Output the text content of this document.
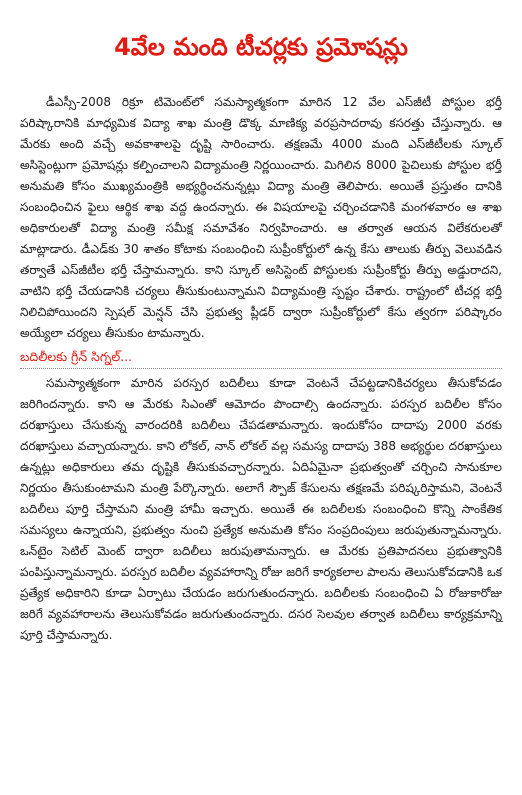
4వేల మంది టీచర్లకు ప్రమోషన్లు

డీఎస్సీ-2008 రిక్రూ టిమెంట్‌లో సమస్యాత్మకంగా మారిన 12 వేల ఎస్‌జీటీ పోస్టుల భర్తీ పరిష్కారానికి మాధ్యమిక విద్యా శాఖ మంత్రి డొక్క మాణిక్య వరప్రసాదరావు కసరత్తు చేస్తున్నారు. ఆ మేరకు అంది వచ్చే అవకాశాలపై దృష్టి సారించారు. తక్షణమే 4000 మంది ఎస్‌జీటీలకు స్కూల్ అసిస్టెంట్లుగా ప్రమోషన్లు కల్పించాలని విద్యామంత్రి నిర్ణయించారు. మిగిలిన 8000 పైచిలుకు పోస్టుల భర్తీ అనుమతి కోసం ముఖ్యమంత్రికి అభ్యర్థించనున్నట్లు విద్యా మంత్రి తెలిపారు. అయితే ప్రస్తుతం దానికి సంబంధించిన ఫైలు ఆర్థిక శాఖ వద్ద ఉందన్నారు. ఈ విషయాలపై చర్చించడానికి మంగళవారం ఆ శాఖ అధికారులతో విద్యా మంత్రి సమీక్ష సమావేశం నిర్వహించారు. ఆ తర్వాత ఆయన విలేకరులతో మాట్లాడారు. డీఎడ్‌కు 30 శాతం కోటాకు సంబంధించి సుప్రీంకోర్టులో ఉన్న కేసు తాలుకు తీర్పు వెలువడిన తర్వాతే ఎస్‌జీటీల భర్తీ చేస్తామన్నారు. కాని స్కూల్ అసిస్టెంట్ పోస్టులకు సుప్రీంకోర్టు తీర్పు అడ్డురాదని, వాటిని భర్తీ చేయడానికి చర్యలు తీసుకుంటున్నామని విద్యామంత్రి స్పష్టం చేశారు. రాష్ట్రంలో టీచర్ల భర్తీ నిలిచిపోయిందని స్పెషల్ మెన్షన్ చేసి ప్రభుత్వ ప్లీడర్ ద్వారా సుప్రీంకోర్టులో కేసు త్వరగా పరిష్కారం అయ్యేలా చర్యలు తీసుకుం టామన్నారు.

బదిలీలకు గ్రీన్ సిగ్నల్...

సమస్యాత్మకంగా మారిన పరస్పర బదిలీలు కూడా వెంటనే చేపట్టడానికిచర్యలు తీసుకోవడం జరిగిందన్నారు. కాని ఆ మేరకు సిఎంతో ఆమోదం పొందాల్సి ఉందన్నారు. పరస్పర బదిలీల కోసం దరఖాస్తులు చేసుకున్న వారందరికి బదిలీలు చేపడతామన్నారు. ఇందుకోసం దాదాపు 2000 వరకు దరఖాస్తులు వచ్చాయన్నారు. కాని లోకల్, నాన్ లోకల్ వల్ల సమస్య దాదాపు 388 అభ్యర్థుల దరఖాస్తులు ఉన్నట్లు అధికారులు తమ దృష్టికి తీసుకువచ్చారన్నారు. ఏదిఏమైనా ప్రభుత్వంతో చర్చించి సానుకూల నిర్ణయం తీసుకుంటామని మంత్రి పేర్కొన్నారు. అలాగే స్పౌజ్ కేసులను తక్షణమే పరిష్కరిస్తామని, వెంటనే బదిలీలు పూర్తి చేస్తామని మంత్రి హామీ ఇచ్చారు. అయితే ఈ బదిలీలకు సంబంధించి కొన్ని సాంకేతిక సమస్యలు ఉన్నాయని, ప్రభుత్వం నుంచి ప్రత్యేక అనుమతి కోసం సంప్రదింపులు జరుపుతున్నామన్నారు. ఒన్‌టైం సెటిల్ మెంట్ ద్వారా బదిలీలు జరుపుతామన్నారు. ఆ మేరకు ప్రతిపాదనలు ప్రభుత్వానికి పంపిస్తున్నామన్నారు. పరస్పర బదిలీల వ్యవహారాన్ని రోజు జరిగే కార్యకలాల పాలను తెలుసుకోవడానికి ఒక ప్రత్యేక అధికారిని కూడా ఏర్పాటు చేయడం జరుగుతుందన్నారు. బదిలీలకు సంబంధించి ఏ రోజుకారోజు జరిగే వ్యవహారాలను తెలుసుకోవడం జరుగుతుందన్నారు. దసర సెలవుల తర్వాత బదిలీలు కార్యక్రమాన్ని పూర్తి చేస్తామన్నారు.
